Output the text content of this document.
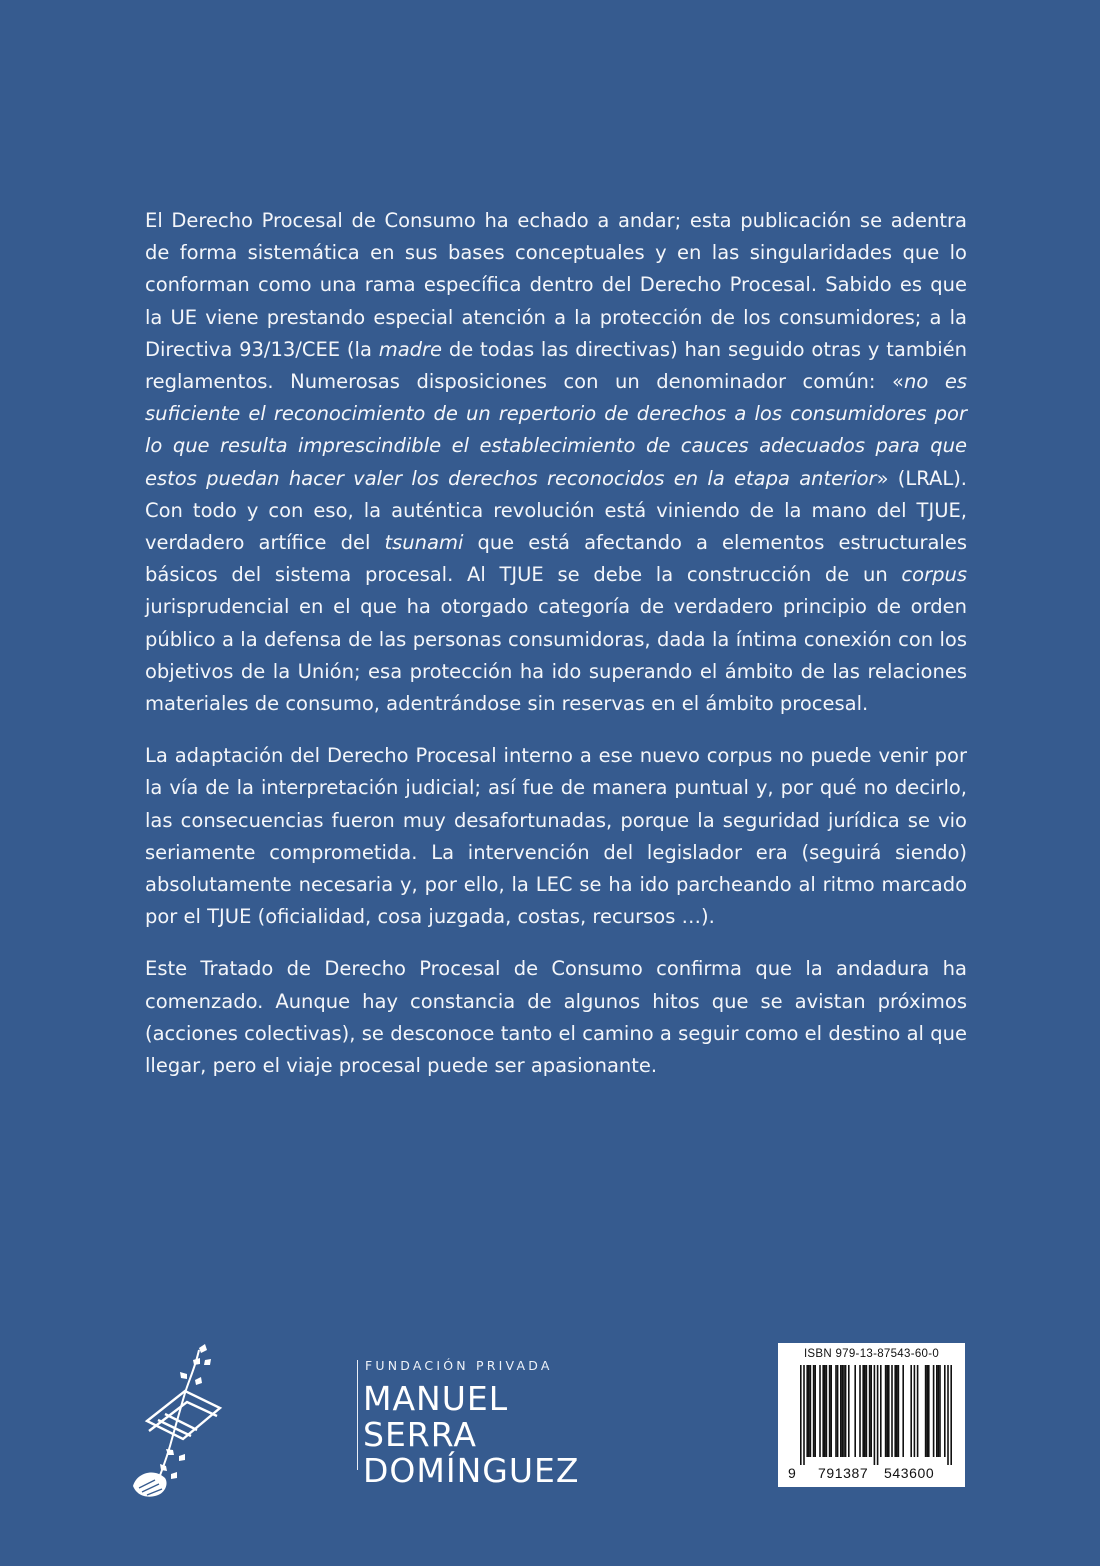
El Derecho Procesal de Consumo ha echado a andar; esta publicación se adentra de forma sistemática en sus bases conceptuales y en las singularidades que lo conforman como una rama específica dentro del Derecho Procesal. Sabido es que la UE viene prestando especial atención a la protección de los consumidores; a la Directiva 93/13/CEE (la madre de todas las directivas) han seguido otras y también reglamentos. Numerosas disposiciones con un denominador común: «no es suficiente el reconocimiento de un repertorio de derechos a los consumidores por lo que resulta imprescindible el establecimiento de cauces adecuados para que estos puedan hacer valer los derechos reconocidos en la etapa anterior» (LRAL). Con todo y con eso, la auténtica revolución está viniendo de la mano del TJUE, verdadero artífice del tsunami que está afectando a elementos estructurales básicos del sistema procesal. Al TJUE se debe la construcción de un corpus jurisprudencial en el que ha otorgado categoría de verdadero principio de orden público a la defensa de las personas consumidoras, dada la íntima conexión con los objetivos de la Unión; esa protección ha ido superando el ámbito de las relaciones materiales de consumo, adentrándose sin reservas en el ámbito procesal.

La adaptación del Derecho Procesal interno a ese nuevo corpus no puede venir por la vía de la interpretación judicial; así fue de manera puntual y, por qué no decirlo, las consecuencias fueron muy desafortunadas, porque la seguridad jurídica se vio seriamente comprometida. La intervención del legislador era (seguirá siendo) absolutamente necesaria y, por ello, la LEC se ha ido parcheando al ritmo marcado por el TJUE (oficialidad, cosa juzgada, costas, recursos …).

Este Tratado de Derecho Procesal de Consumo confirma que la andadura ha comenzado. Aunque hay constancia de algunos hitos que se avistan próximos (acciones colectivas), se desconoce tanto el camino a seguir como el destino al que llegar, pero el viaje procesal puede ser apasionante.

FUNDACIÓN PRIVADA
MANUEL
SERRA
DOMÍNGUEZ
ISBN 979-13-87543-60-0
9 791387 543600
